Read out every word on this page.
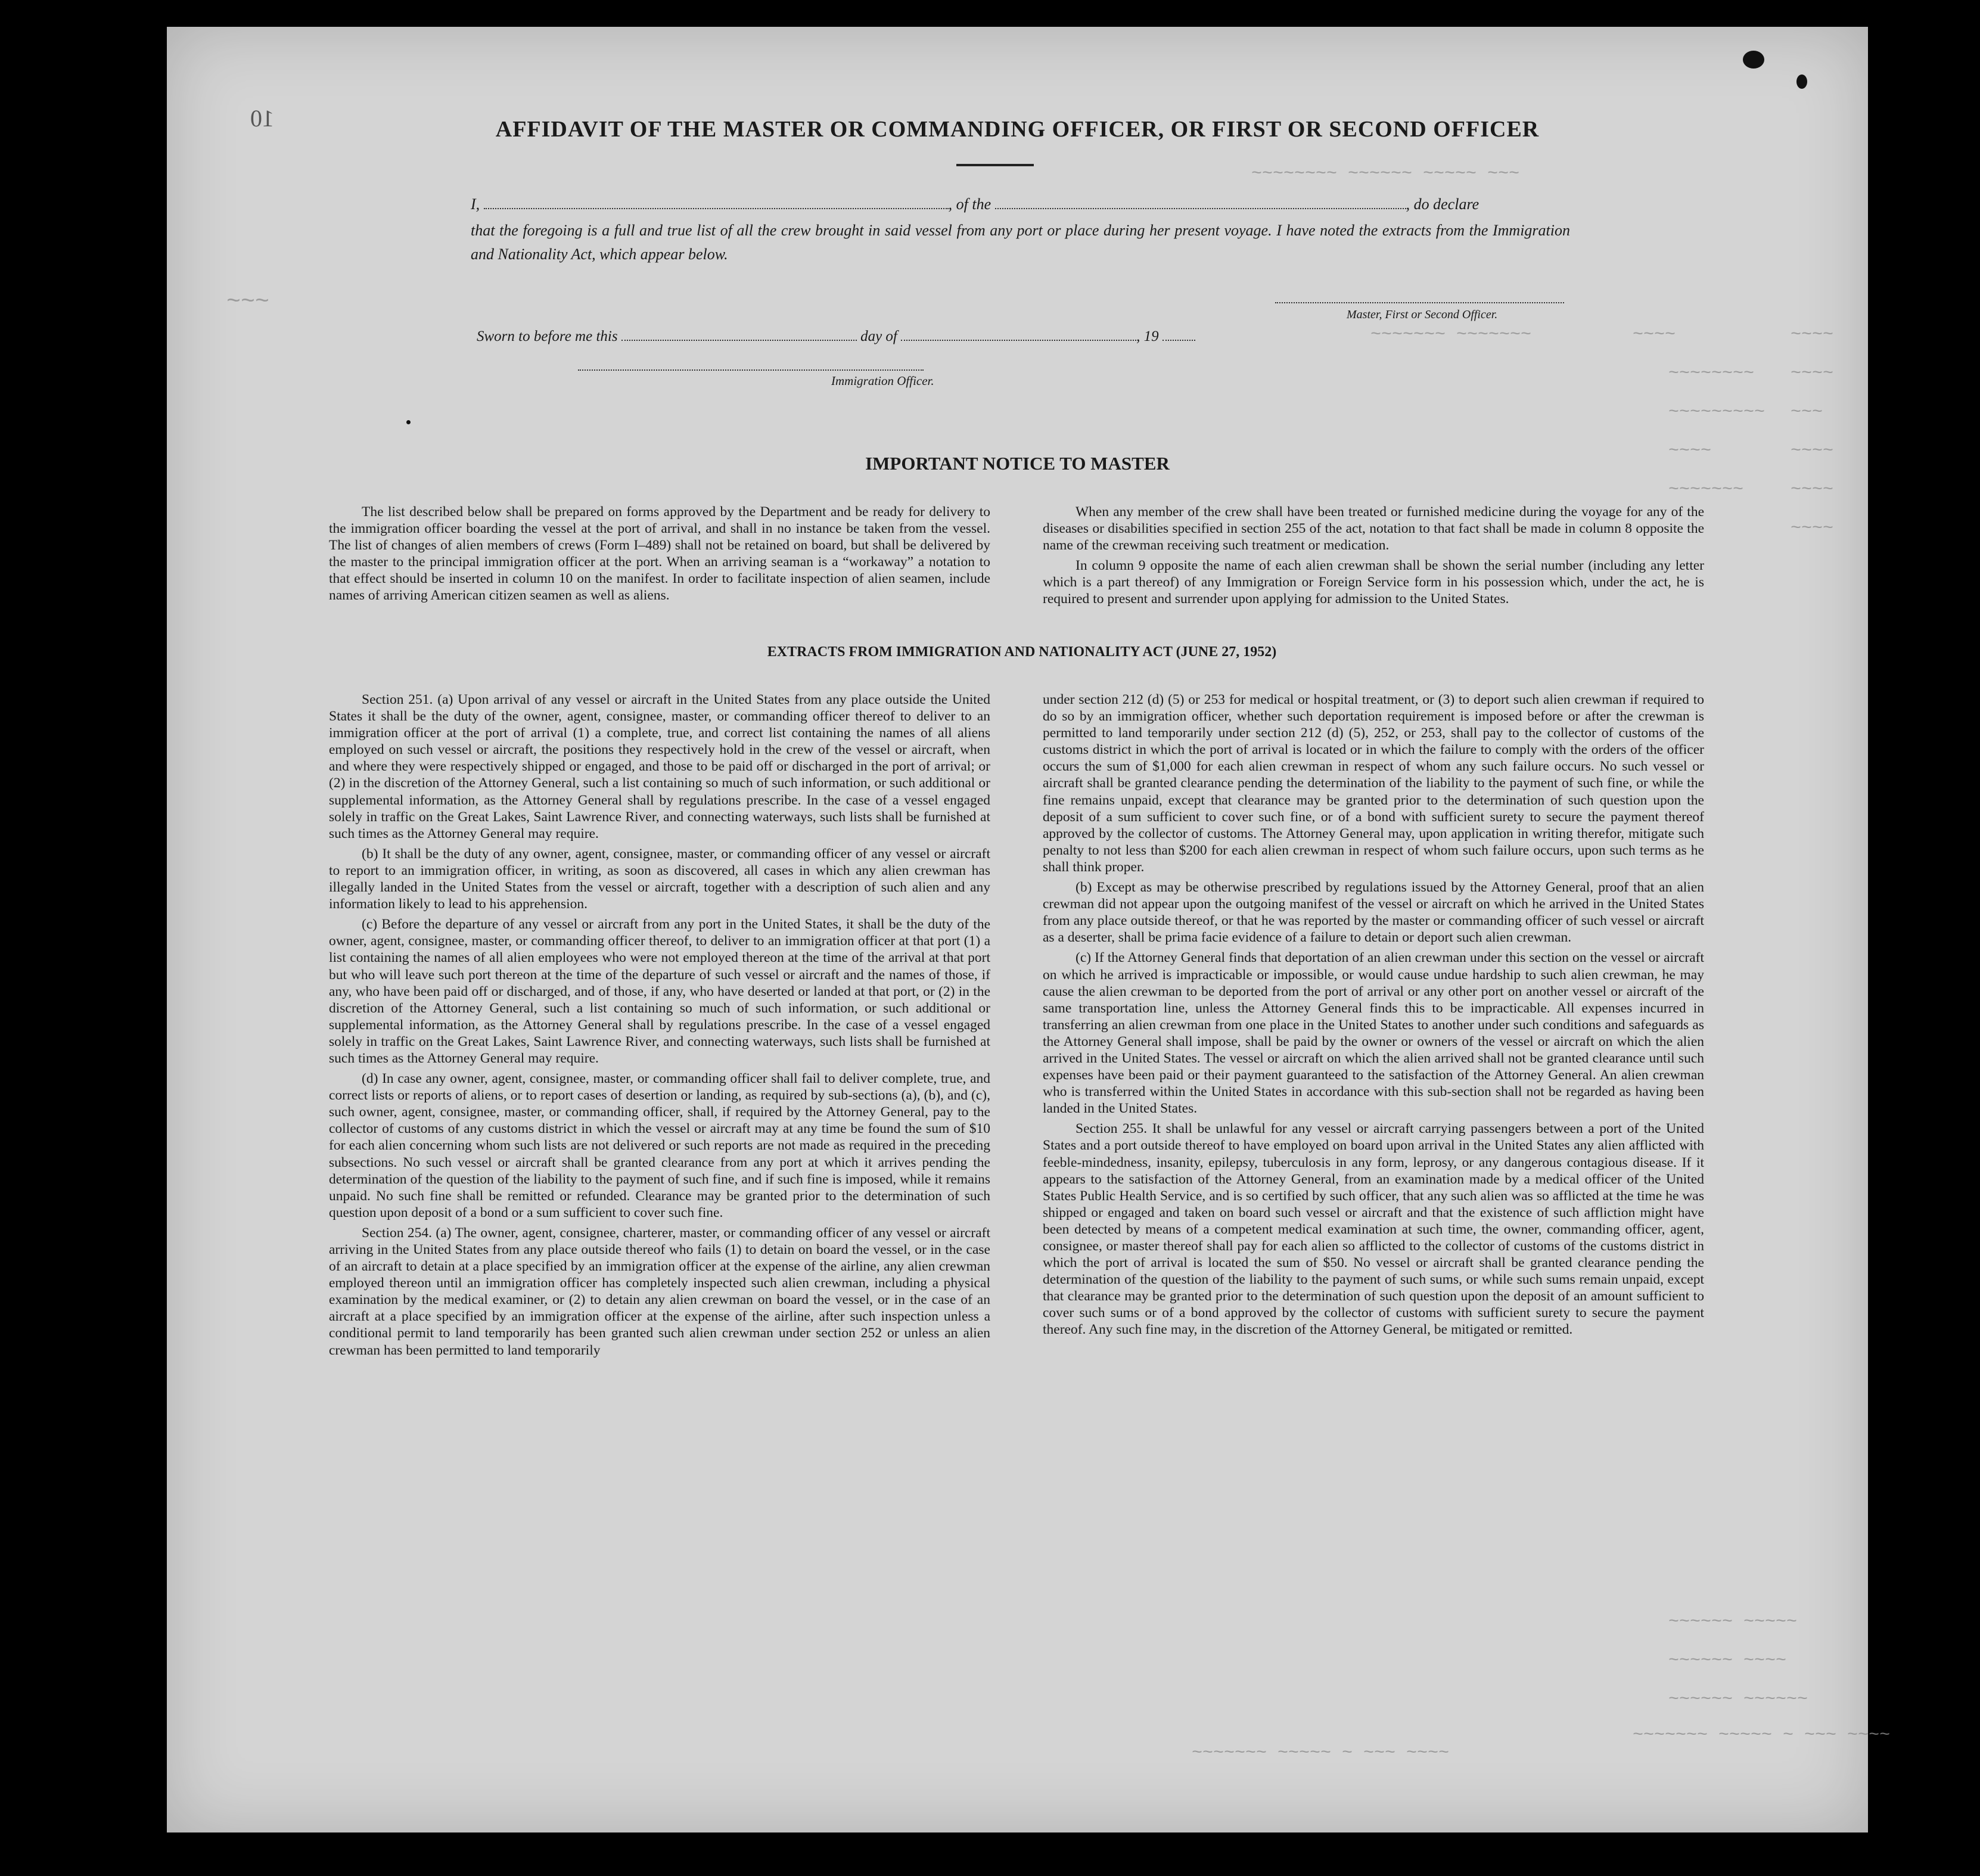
~~~~~~~~ ~~~~~~ ~~~~~ ~~~
~~~~~~~ ~~~~~~~	~~~~
~~~~~~~~
~~~~~~~~~
~~~~
~~~~~~~
~~~~
~~~~
~~~
~~~~
~~~~
~~~~
~~~
~~~~~~ ~~~~~
~~~~~~ ~~~~
~~~~~~ ~~~~~~
~~~~~~~ ~~~~~ ~ ~~~ ~~~~
~~~~~~~ ~~~~~ ~ ~~~ ~~~~
10	AFFIDAVIT OF THE MASTER OR COMMANDING OFFICER, OR FIRST OR SECOND OFFICER
I,	, of the	, do declare
that the foregoing is a full and true list of all the crew brought in said vessel from any port or place during her present voyage. I have noted the extracts from the Immigration and Nationality Act, which appear below.
Master, First or Second Officer.
Sworn to before me this	day of	, 19
Immigration Officer.
IMPORTANT NOTICE TO MASTER

The list described below shall be prepared on forms approved by the Department and be ready for delivery to the immigration officer boarding the vessel at the port of arrival, and shall in no instance be taken from the vessel. The list of changes of alien members of crews (Form I–489) shall not be retained on board, but shall be delivered by the master to the principal immigration officer at the port. When an arriving seaman is a “workaway” a notation to that effect should be inserted in column 10 on the manifest. In order to facilitate inspection of alien seamen, include names of arriving American citizen seamen as well as aliens.

When any member of the crew shall have been treated or furnished medicine during the voyage for any of the diseases or disabilities specified in section 255 of the act, notation to that fact shall be made in column 8 opposite the name of the crewman receiving such treatment or medication.

In column 9 opposite the name of each alien crewman shall be shown the serial number (including any letter which is a part thereof) of any Immigration or Foreign Service form in his possession which, under the act, he is required to present and surrender upon applying for admission to the United States.

EXTRACTS FROM IMMIGRATION AND NATIONALITY ACT (JUNE 27, 1952)

Section 251. (a) Upon arrival of any vessel or aircraft in the United States from any place outside the United States it shall be the duty of the owner, agent, consignee, master, or commanding officer thereof to deliver to an immigration officer at the port of arrival (1) a complete, true, and correct list containing the names of all aliens employed on such vessel or aircraft, the positions they respectively hold in the crew of the vessel or aircraft, when and where they were respectively shipped or engaged, and those to be paid off or discharged in the port of arrival; or (2) in the discretion of the Attorney General, such a list containing so much of such information, or such additional or supplemental information, as the Attorney General shall by regulations prescribe. In the case of a vessel engaged solely in traffic on the Great Lakes, Saint Lawrence River, and connecting waterways, such lists shall be furnished at such times as the Attorney General may require.

(b) It shall be the duty of any owner, agent, consignee, master, or commanding officer of any vessel or aircraft to report to an immigration officer, in writing, as soon as discovered, all cases in which any alien crewman has illegally landed in the United States from the vessel or aircraft, together with a description of such alien and any information likely to lead to his apprehension.

(c) Before the departure of any vessel or aircraft from any port in the United States, it shall be the duty of the owner, agent, consignee, master, or commanding officer thereof, to deliver to an immigration officer at that port (1) a list containing the names of all alien employees who were not employed thereon at the time of the arrival at that port but who will leave such port thereon at the time of the departure of such vessel or aircraft and the names of those, if any, who have been paid off or discharged, and of those, if any, who have deserted or landed at that port, or (2) in the discretion of the Attorney General, such a list containing so much of such information, or such additional or supplemental information, as the Attorney General shall by regulations prescribe. In the case of a vessel engaged solely in traffic on the Great Lakes, Saint Lawrence River, and connecting waterways, such lists shall be furnished at such times as the Attorney General may require.

(d) In case any owner, agent, consignee, master, or commanding officer shall fail to deliver complete, true, and correct lists or reports of aliens, or to report cases of desertion or landing, as required by sub-sections (a), (b), and (c), such owner, agent, consignee, master, or commanding officer, shall, if required by the Attorney General, pay to the collector of customs of any customs district in which the vessel or aircraft may at any time be found the sum of $10 for each alien concerning whom such lists are not delivered or such reports are not made as required in the preceding subsections. No such vessel or aircraft shall be granted clearance from any port at which it arrives pending the determination of the question of the liability to the payment of such fine, and if such fine is imposed, while it remains unpaid. No such fine shall be remitted or refunded. Clearance may be granted prior to the determination of such question upon deposit of a bond or a sum sufficient to cover such fine.

Section 254. (a) The owner, agent, consignee, charterer, master, or commanding officer of any vessel or aircraft arriving in the United States from any place outside thereof who fails (1) to detain on board the vessel, or in the case of an aircraft to detain at a place specified by an immigration officer at the expense of the airline, any alien crewman employed thereon until an immigration officer has completely inspected such alien crewman, including a physical examination by the medical examiner, or (2) to detain any alien crewman on board the vessel, or in the case of an aircraft at a place specified by an immigration officer at the expense of the airline, after such inspection unless a conditional permit to land temporarily has been granted such alien crewman under section 252 or unless an alien crewman has been permitted to land temporarily

under section 212 (d) (5) or 253 for medical or hospital treatment, or (3) to deport such alien crewman if required to do so by an immigration officer, whether such deportation requirement is imposed before or after the crewman is permitted to land temporarily under section 212 (d) (5), 252, or 253, shall pay to the collector of customs of the customs district in which the port of arrival is located or in which the failure to comply with the orders of the officer occurs the sum of $1,000 for each alien crewman in respect of whom any such failure occurs. No such vessel or aircraft shall be granted clearance pending the determination of the liability to the payment of such fine, or while the fine remains unpaid, except that clearance may be granted prior to the determination of such question upon the deposit of a sum sufficient to cover such fine, or of a bond with sufficient surety to secure the payment thereof approved by the collector of customs. The Attorney General may, upon application in writing therefor, mitigate such penalty to not less than $200 for each alien crewman in respect of whom such failure occurs, upon such terms as he shall think proper.

(b) Except as may be otherwise prescribed by regulations issued by the Attorney General, proof that an alien crewman did not appear upon the outgoing manifest of the vessel or aircraft on which he arrived in the United States from any place outside thereof, or that he was reported by the master or commanding officer of such vessel or aircraft as a deserter, shall be prima facie evidence of a failure to detain or deport such alien crewman.

(c) If the Attorney General finds that deportation of an alien crewman under this section on the vessel or aircraft on which he arrived is impracticable or impossible, or would cause undue hardship to such alien crewman, he may cause the alien crewman to be deported from the port of arrival or any other port on another vessel or aircraft of the same transportation line, unless the Attorney General finds this to be impracticable. All expenses incurred in transferring an alien crewman from one place in the United States to another under such conditions and safeguards as the Attorney General shall impose, shall be paid by the owner or owners of the vessel or aircraft on which the alien arrived in the United States. The vessel or aircraft on which the alien arrived shall not be granted clearance until such expenses have been paid or their payment guaranteed to the satisfaction of the Attorney General. An alien crewman who is transferred within the United States in accordance with this sub-section shall not be regarded as having been landed in the United States.

Section 255. It shall be unlawful for any vessel or aircraft carrying passengers between a port of the United States and a port outside thereof to have employed on board upon arrival in the United States any alien afflicted with feeble-mindedness, insanity, epilepsy, tuberculosis in any form, leprosy, or any dangerous contagious disease. If it appears to the satisfaction of the Attorney General, from an examination made by a medical officer of the United States Public Health Service, and is so certified by such officer, that any such alien was so afflicted at the time he was shipped or engaged and taken on board such vessel or aircraft and that the existence of such affliction might have been detected by means of a competent medical examination at such time, the owner, commanding officer, agent, consignee, or master thereof shall pay for each alien so afflicted to the collector of customs of the customs district in which the port of arrival is located the sum of $50. No vessel or aircraft shall be granted clearance pending the determination of the question of the liability to the payment of such sums, or while such sums remain unpaid, except that clearance may be granted prior to the determination of such question upon the deposit of an amount sufficient to cover such sums or of a bond approved by the collector of customs with sufficient surety to secure the payment thereof. Any such fine may, in the discretion of the Attorney General, be mitigated or remitted.
